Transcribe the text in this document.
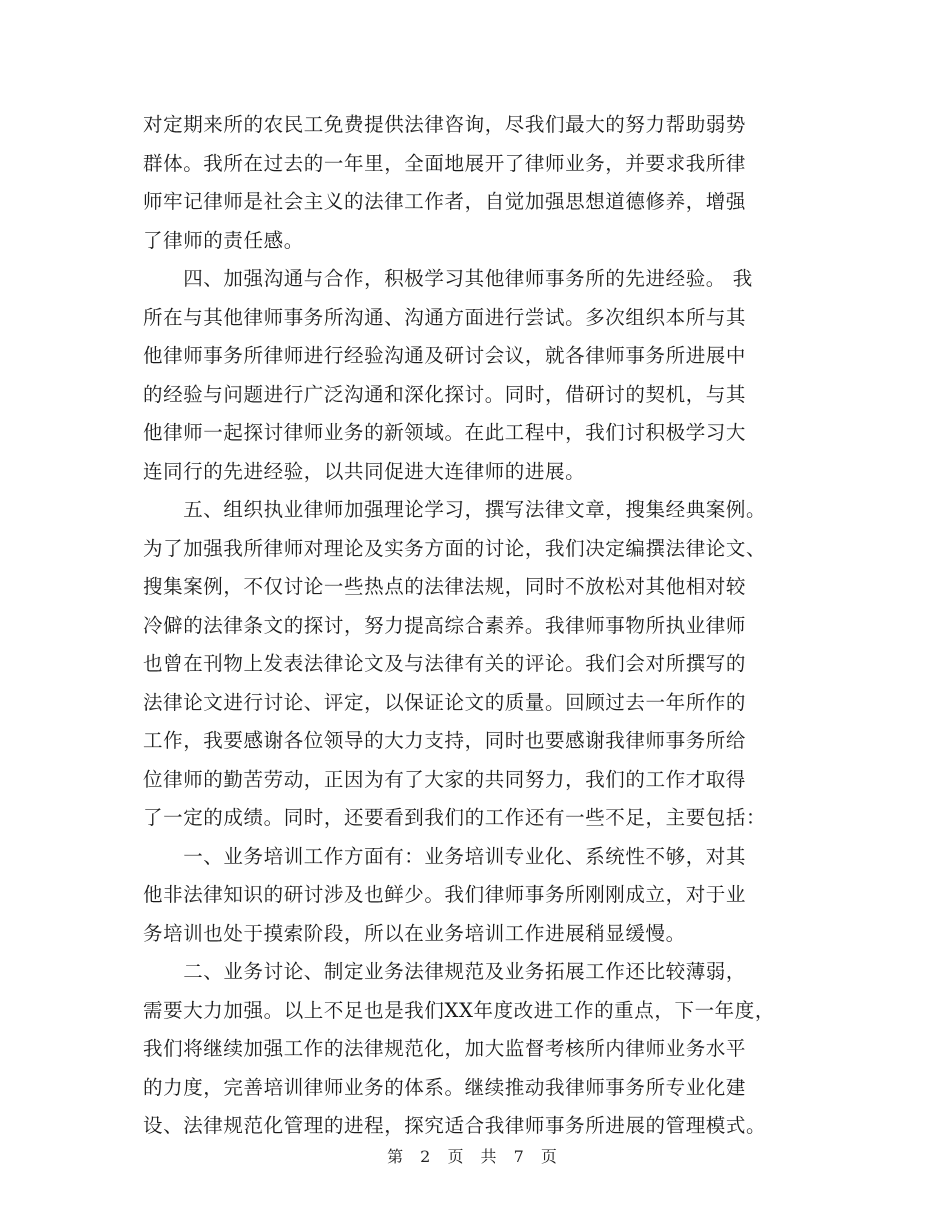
对定期来所的农民工免费提供法律咨询，尽我们最大的努力帮助弱势
群体。我所在过去的一年里，全面地展开了律师业务，并要求我所律
师牢记律师是社会主义的法律工作者，自觉加强思想道德修养，增强
了律师的责任感。
　　四、加强沟通与合作，积极学习其他律师事务所的先进经验。 我
所在与其他律师事务所沟通、沟通方面进行尝试。多次组织本所与其
他律师事务所律师进行经验沟通及研讨会议，就各律师事务所进展中
的经验与问题进行广泛沟通和深化探讨。同时，借研讨的契机，与其
他律师一起探讨律师业务的新领域。在此工程中，我们讨积极学习大
连同行的先进经验，以共同促进大连律师的进展。
　　五、组织执业律师加强理论学习，撰写法律文章，搜集经典案例。
为了加强我所律师对理论及实务方面的讨论，我们决定编撰法律论文、
搜集案例，不仅讨论一些热点的法律法规，同时不放松对其他相对较
冷僻的法律条文的探讨，努力提高综合素养。我律师事物所执业律师
也曾在刊物上发表法律论文及与法律有关的评论。我们会对所撰写的
法律论文进行讨论、评定，以保证论文的质量。回顾过去一年所作的
工作，我要感谢各位领导的大力支持，同时也要感谢我律师事务所给
位律师的勤苦劳动，正因为有了大家的共同努力，我们的工作才取得
了一定的成绩。同时，还要看到我们的工作还有一些不足，主要包括：
　　一、业务培训工作方面有：业务培训专业化、系统性不够，对其
他非法律知识的研讨涉及也鲜少。我们律师事务所刚刚成立，对于业
务培训也处于摸索阶段，所以在业务培训工作进展稍显缓慢。
　　二、业务讨论、制定业务法律规范及业务拓展工作还比较薄弱，
需要大力加强。以上不足也是我们XX年度改进工作的重点，下一年度，
我们将继续加强工作的法律规范化，加大监督考核所内律师业务水平
的力度，完善培训律师业务的体系。继续推动我律师事务所专业化建
设、法律规范化管理的进程，探究适合我律师事务所进展的管理模式。
第 2 页 共 7 页
